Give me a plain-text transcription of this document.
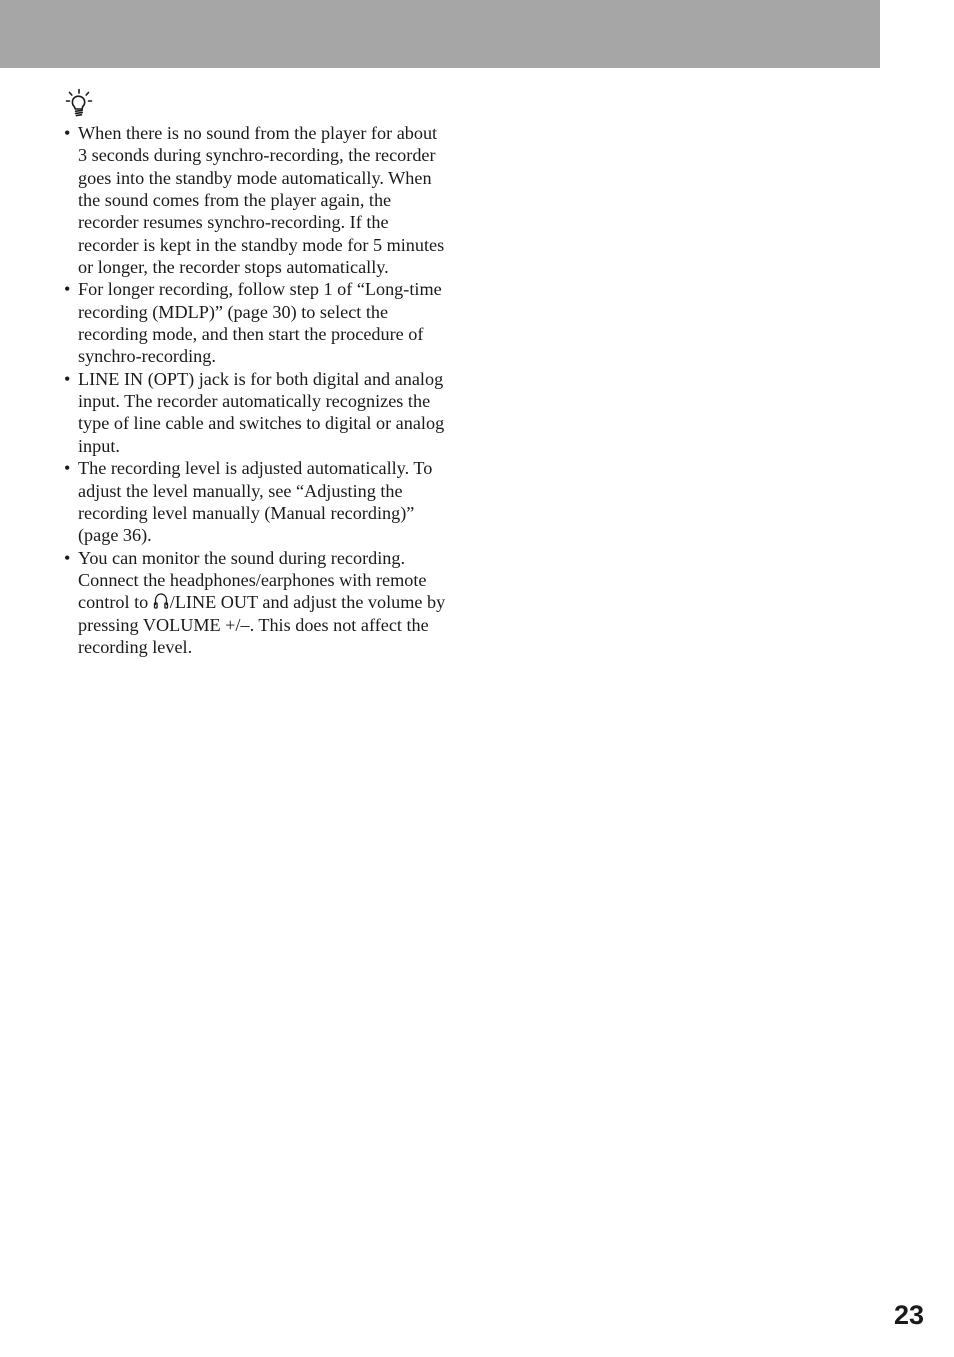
• When there is no sound from the player for about 3 seconds during synchro-recording, the recorder goes into the standby mode automatically. When the sound comes from the player again, the recorder resumes synchro-recording. If the recorder is kept in the standby mode for 5 minutes or longer, the recorder stops automatically.
• For longer recording, follow step 1 of “Long-time recording (MDLP)” (page 30) to select the recording mode, and then start the procedure of synchro-recording.
• LINE IN (OPT) jack is for both digital and analog input. The recorder automatically recognizes the type of line cable and switches to digital or analog input.
• The recording level is adjusted automatically. To adjust the level manually, see “Adjusting the recording level manually (Manual recording)” (page 36).
• You can monitor the sound during recording. Connect the headphones/earphones with remote control to /LINE OUT and adjust the volume by pressing VOLUME +/–. This does not affect the recording level.
23
